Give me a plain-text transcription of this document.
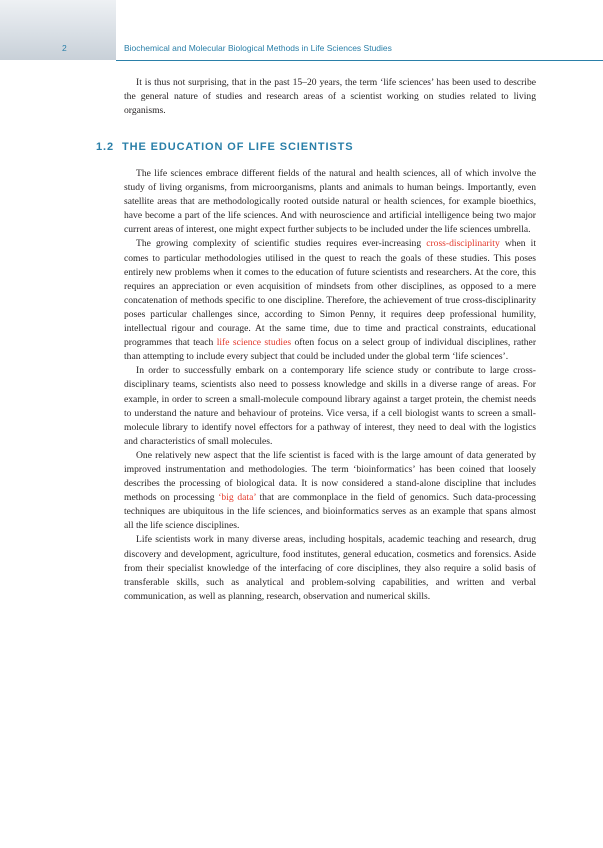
2	Biochemical and Molecular Biological Methods in Life Sciences Studies

It is thus not surprising, that in the past 15–20 years, the term ‘life sciences’ has been used to describe the general nature of studies and research areas of a scientist working on studies related to living organisms.

1.2 THE EDUCATION OF LIFE SCIENTISTS

The life sciences embrace different fields of the natural and health sciences, all of which involve the study of living organisms, from microorganisms, plants and animals to human beings. Importantly, even satellite areas that are methodologically rooted outside natural or health sciences, for example bioethics, have become a part of the life sciences. And with neuroscience and artificial intelligence being two major current areas of interest, one might expect further subjects to be included under the life sciences umbrella.

The growing complexity of scientific studies requires ever-increasing cross-disciplinarity when it comes to particular methodologies utilised in the quest to reach the goals of these studies. This poses entirely new problems when it comes to the education of future scientists and researchers. At the core, this requires an appreciation or even acquisition of mindsets from other disciplines, as opposed to a mere concatenation of methods specific to one discipline. Therefore, the achievement of true cross-disciplinarity poses particular challenges since, according to Simon Penny, it requires deep professional humility, intellectual rigour and courage. At the same time, due to time and practical constraints, educational programmes that teach life science studies often focus on a select group of individual disciplines, rather than attempting to include every subject that could be included under the global term ‘life sciences’.

In order to successfully embark on a contemporary life science study or contribute to large cross-disciplinary teams, scientists also need to possess knowledge and skills in a diverse range of areas. For example, in order to screen a small-molecule compound library against a target protein, the chemist needs to understand the nature and behaviour of proteins. Vice versa, if a cell biologist wants to screen a small-molecule library to identify novel effectors for a pathway of interest, they need to deal with the logistics and characteristics of small molecules.

One relatively new aspect that the life scientist is faced with is the large amount of data generated by improved instrumentation and methodologies. The term ‘bioinformatics’ has been coined that loosely describes the processing of biological data. It is now considered a stand-alone discipline that includes methods on processing ‘big data’ that are commonplace in the field of genomics. Such data-processing techniques are ubiquitous in the life sciences, and bioinformatics serves as an example that spans almost all the life science disciplines.

Life scientists work in many diverse areas, including hospitals, academic teaching and research, drug discovery and development, agriculture, food institutes, general education, cosmetics and forensics. Aside from their specialist knowledge of the interfacing of core disciplines, they also require a solid basis of transferable skills, such as analytical and problem-solving capabilities, and written and verbal communication, as well as planning, research, observation and numerical skills.
